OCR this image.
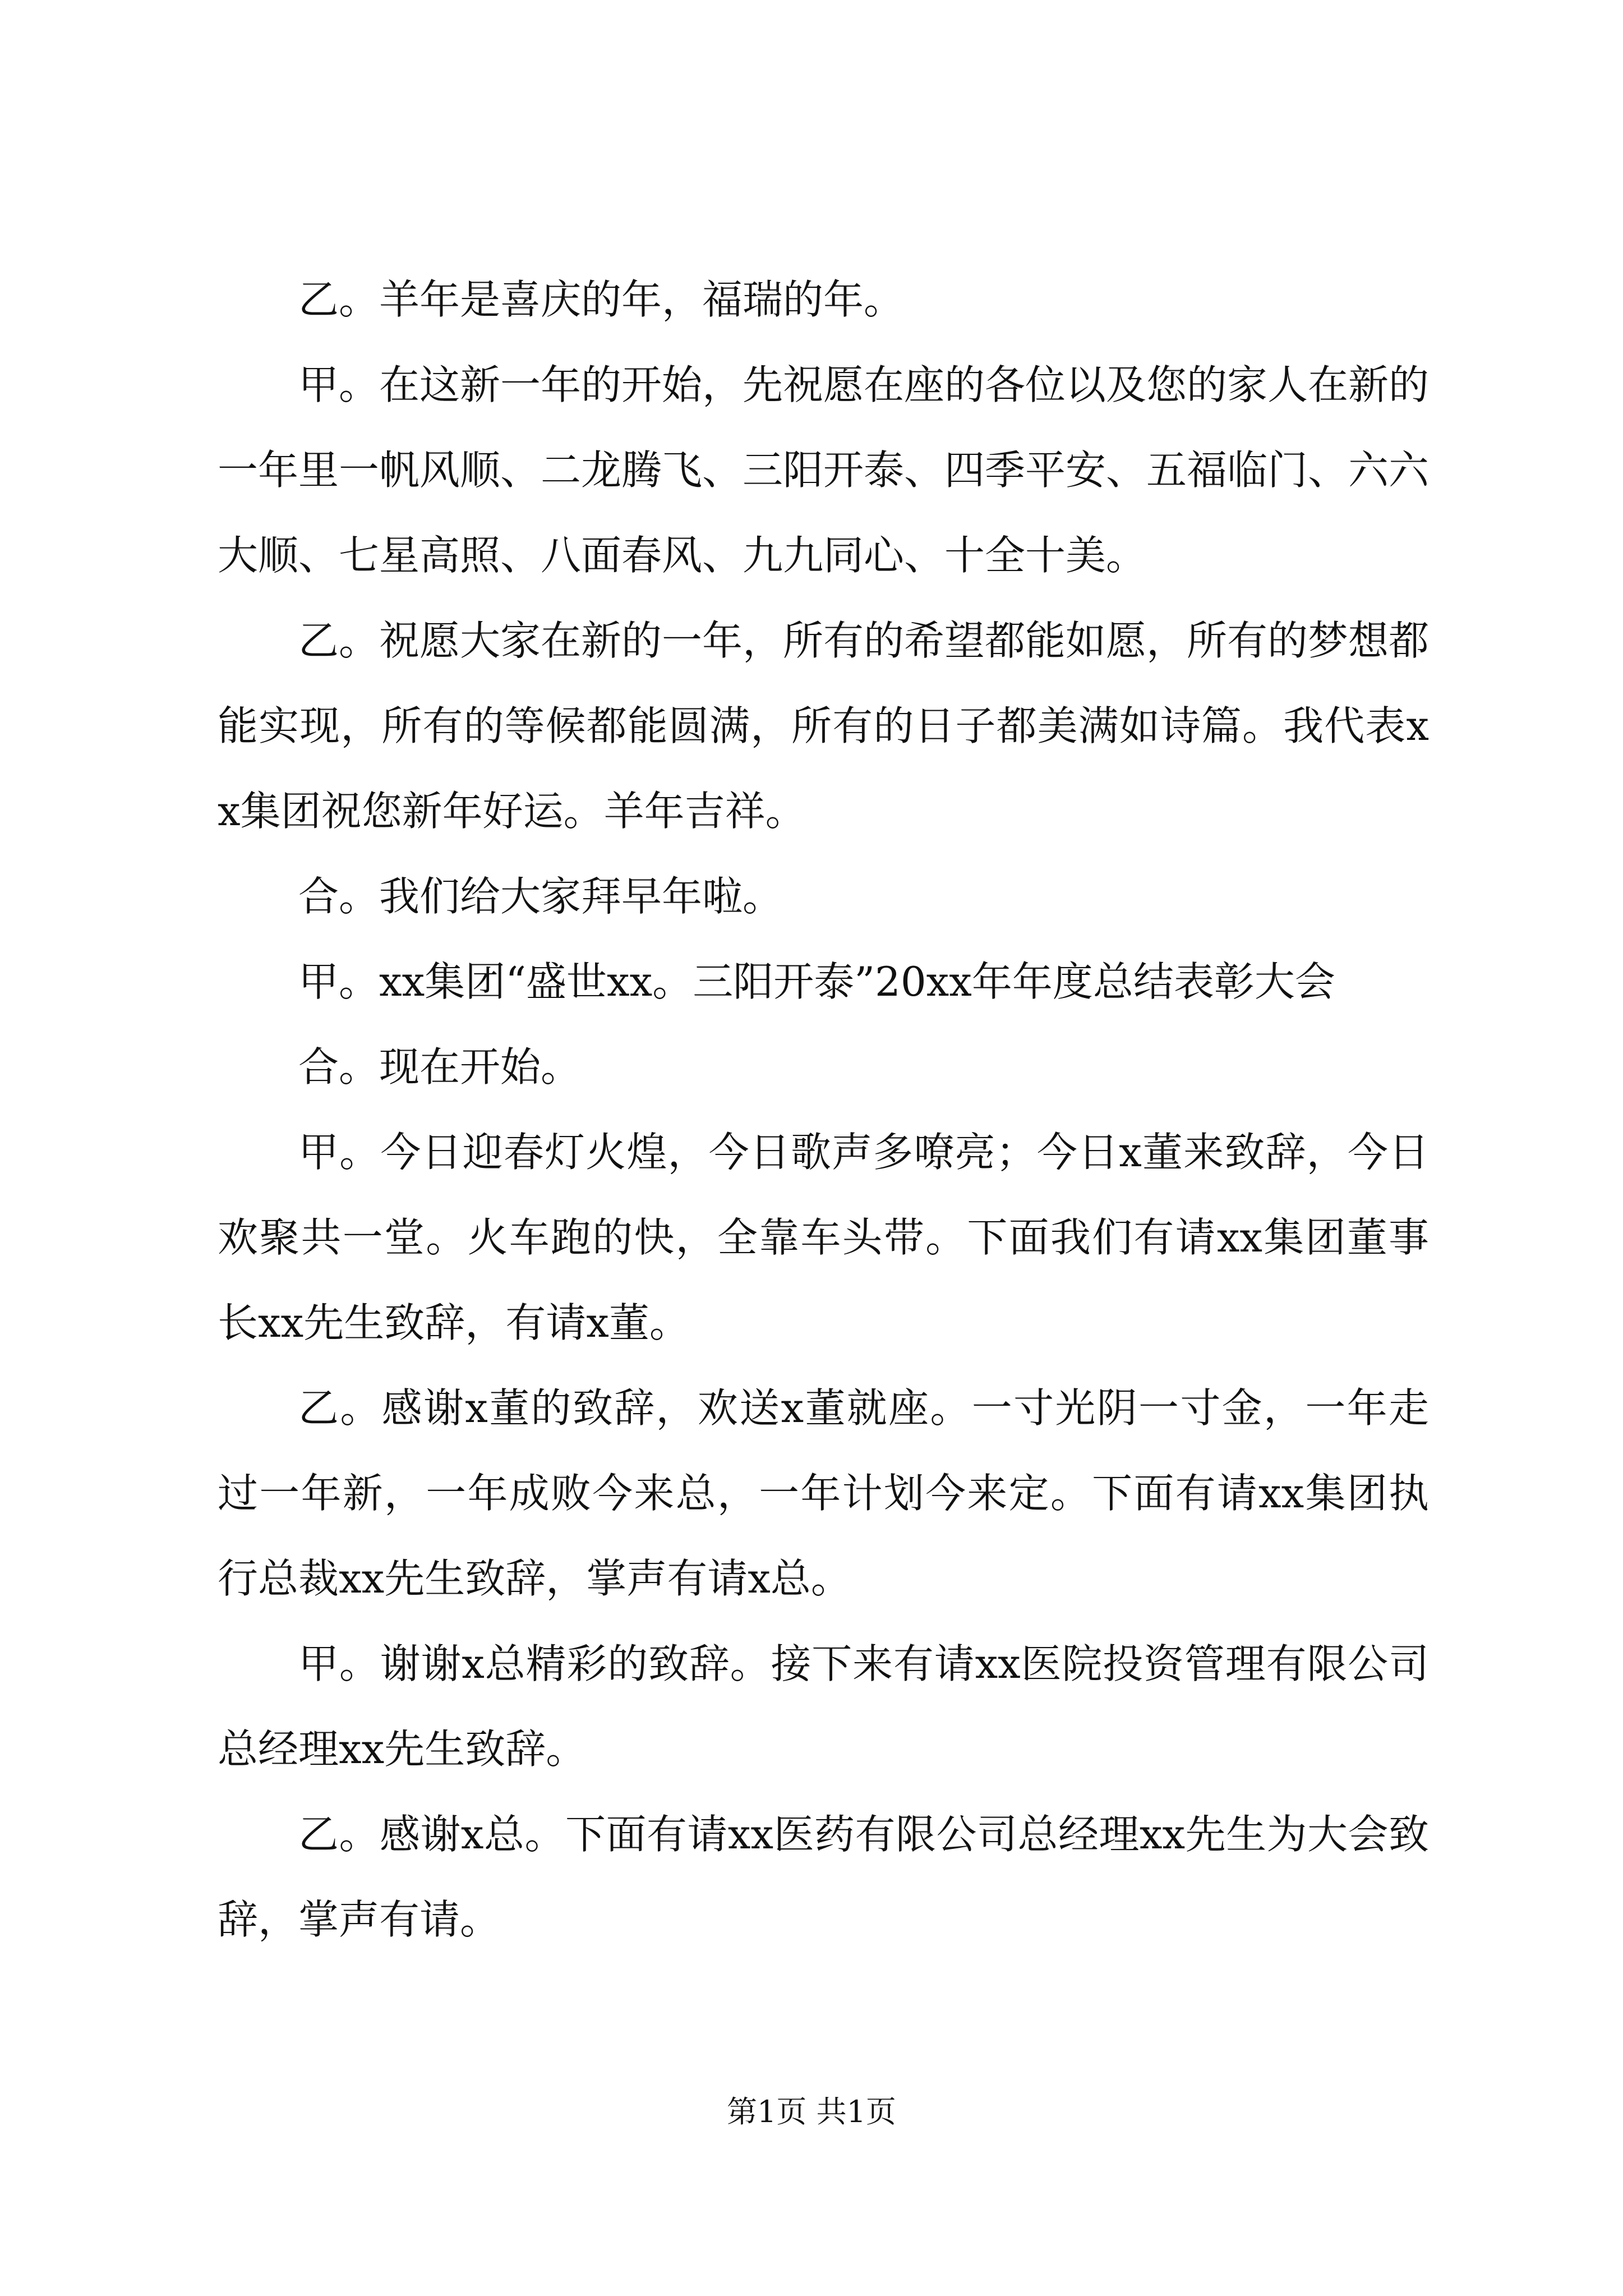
乙。羊年是喜庆的年，福瑞的年。

甲。在这新一年的开始，先祝愿在座的各位以及您的家人在新的一年里一帆风顺、二龙腾飞、三阳开泰、四季平安、五福临门、六六大顺、七星高照、八面春风、九九同心、十全十美。

乙。祝愿大家在新的一年，所有的希望都能如愿，所有的梦想都能实现，所有的等候都能圆满，所有的日子都美满如诗篇。我代表xx集团祝您新年好运。羊年吉祥。

合。我们给大家拜早年啦。

甲。xx集团“盛世xx。三阳开泰”20xx年年度总结表彰大会

合。现在开始。

甲。今日迎春灯火煌，今日歌声多嘹亮；今日x董来致辞，今日欢聚共一堂。火车跑的快，全靠车头带。下面我们有请xx集团董事长xx先生致辞，有请x董。

乙。感谢x董的致辞，欢送x董就座。一寸光阴一寸金，一年走过一年新，一年成败今来总，一年计划今来定。下面有请xx集团执行总裁xx先生致辞，掌声有请x总。

甲。谢谢x总精彩的致辞。接下来有请xx医院投资管理有限公司总经理xx先生致辞。

乙。感谢x总。下面有请xx医药有限公司总经理xx先生为大会致辞，掌声有请。

第1页 共1页
